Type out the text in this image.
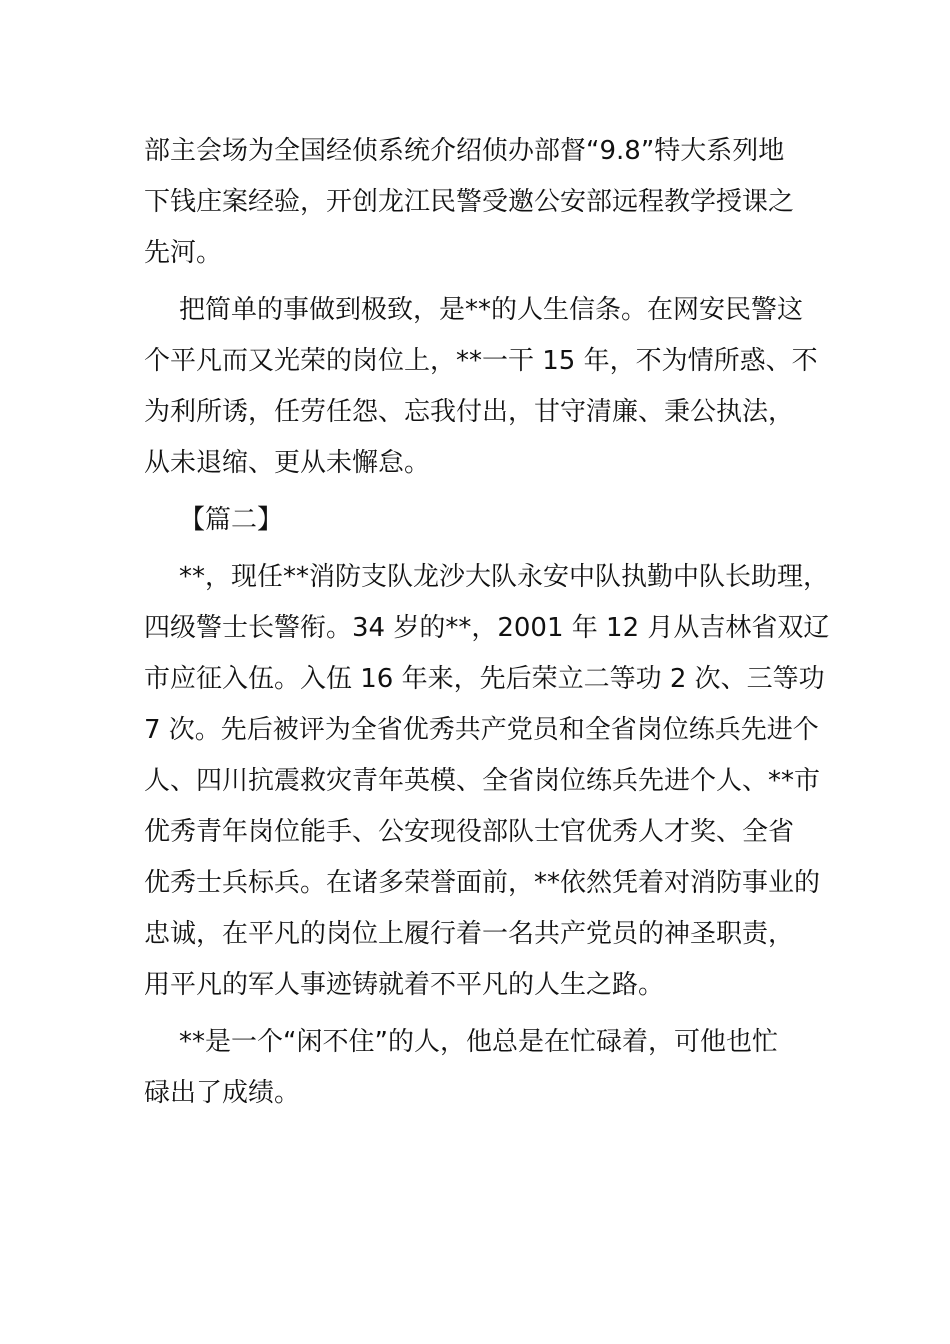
部主会场为全国经侦系统介绍侦办部督“9.8”特大系列地
下钱庄案经验，开创龙江民警受邀公安部远程教学授课之
先河。
把简单的事做到极致，是**的人生信条。在网安民警这
个平凡而又光荣的岗位上，**一干 15 年，不为情所惑、不
为利所诱，任劳任怨、忘我付出，甘守清廉、秉公执法，
从未退缩、更从未懈怠。
【篇二】
**，现任**消防支队龙沙大队永安中队执勤中队长助理，
四级警士长警衔。34 岁的**，2001 年 12 月从吉林省双辽
市应征入伍。入伍 16 年来，先后荣立二等功 2 次、三等功
7 次。先后被评为全省优秀共产党员和全省岗位练兵先进个
人、四川抗震救灾青年英模、全省岗位练兵先进个人、**市
优秀青年岗位能手、公安现役部队士官优秀人才奖、全省
优秀士兵标兵。在诸多荣誉面前，**依然凭着对消防事业的
忠诚，在平凡的岗位上履行着一名共产党员的神圣职责，
用平凡的军人事迹铸就着不平凡的人生之路。
**是一个“闲不住”的人，他总是在忙碌着，可他也忙
碌出了成绩。
